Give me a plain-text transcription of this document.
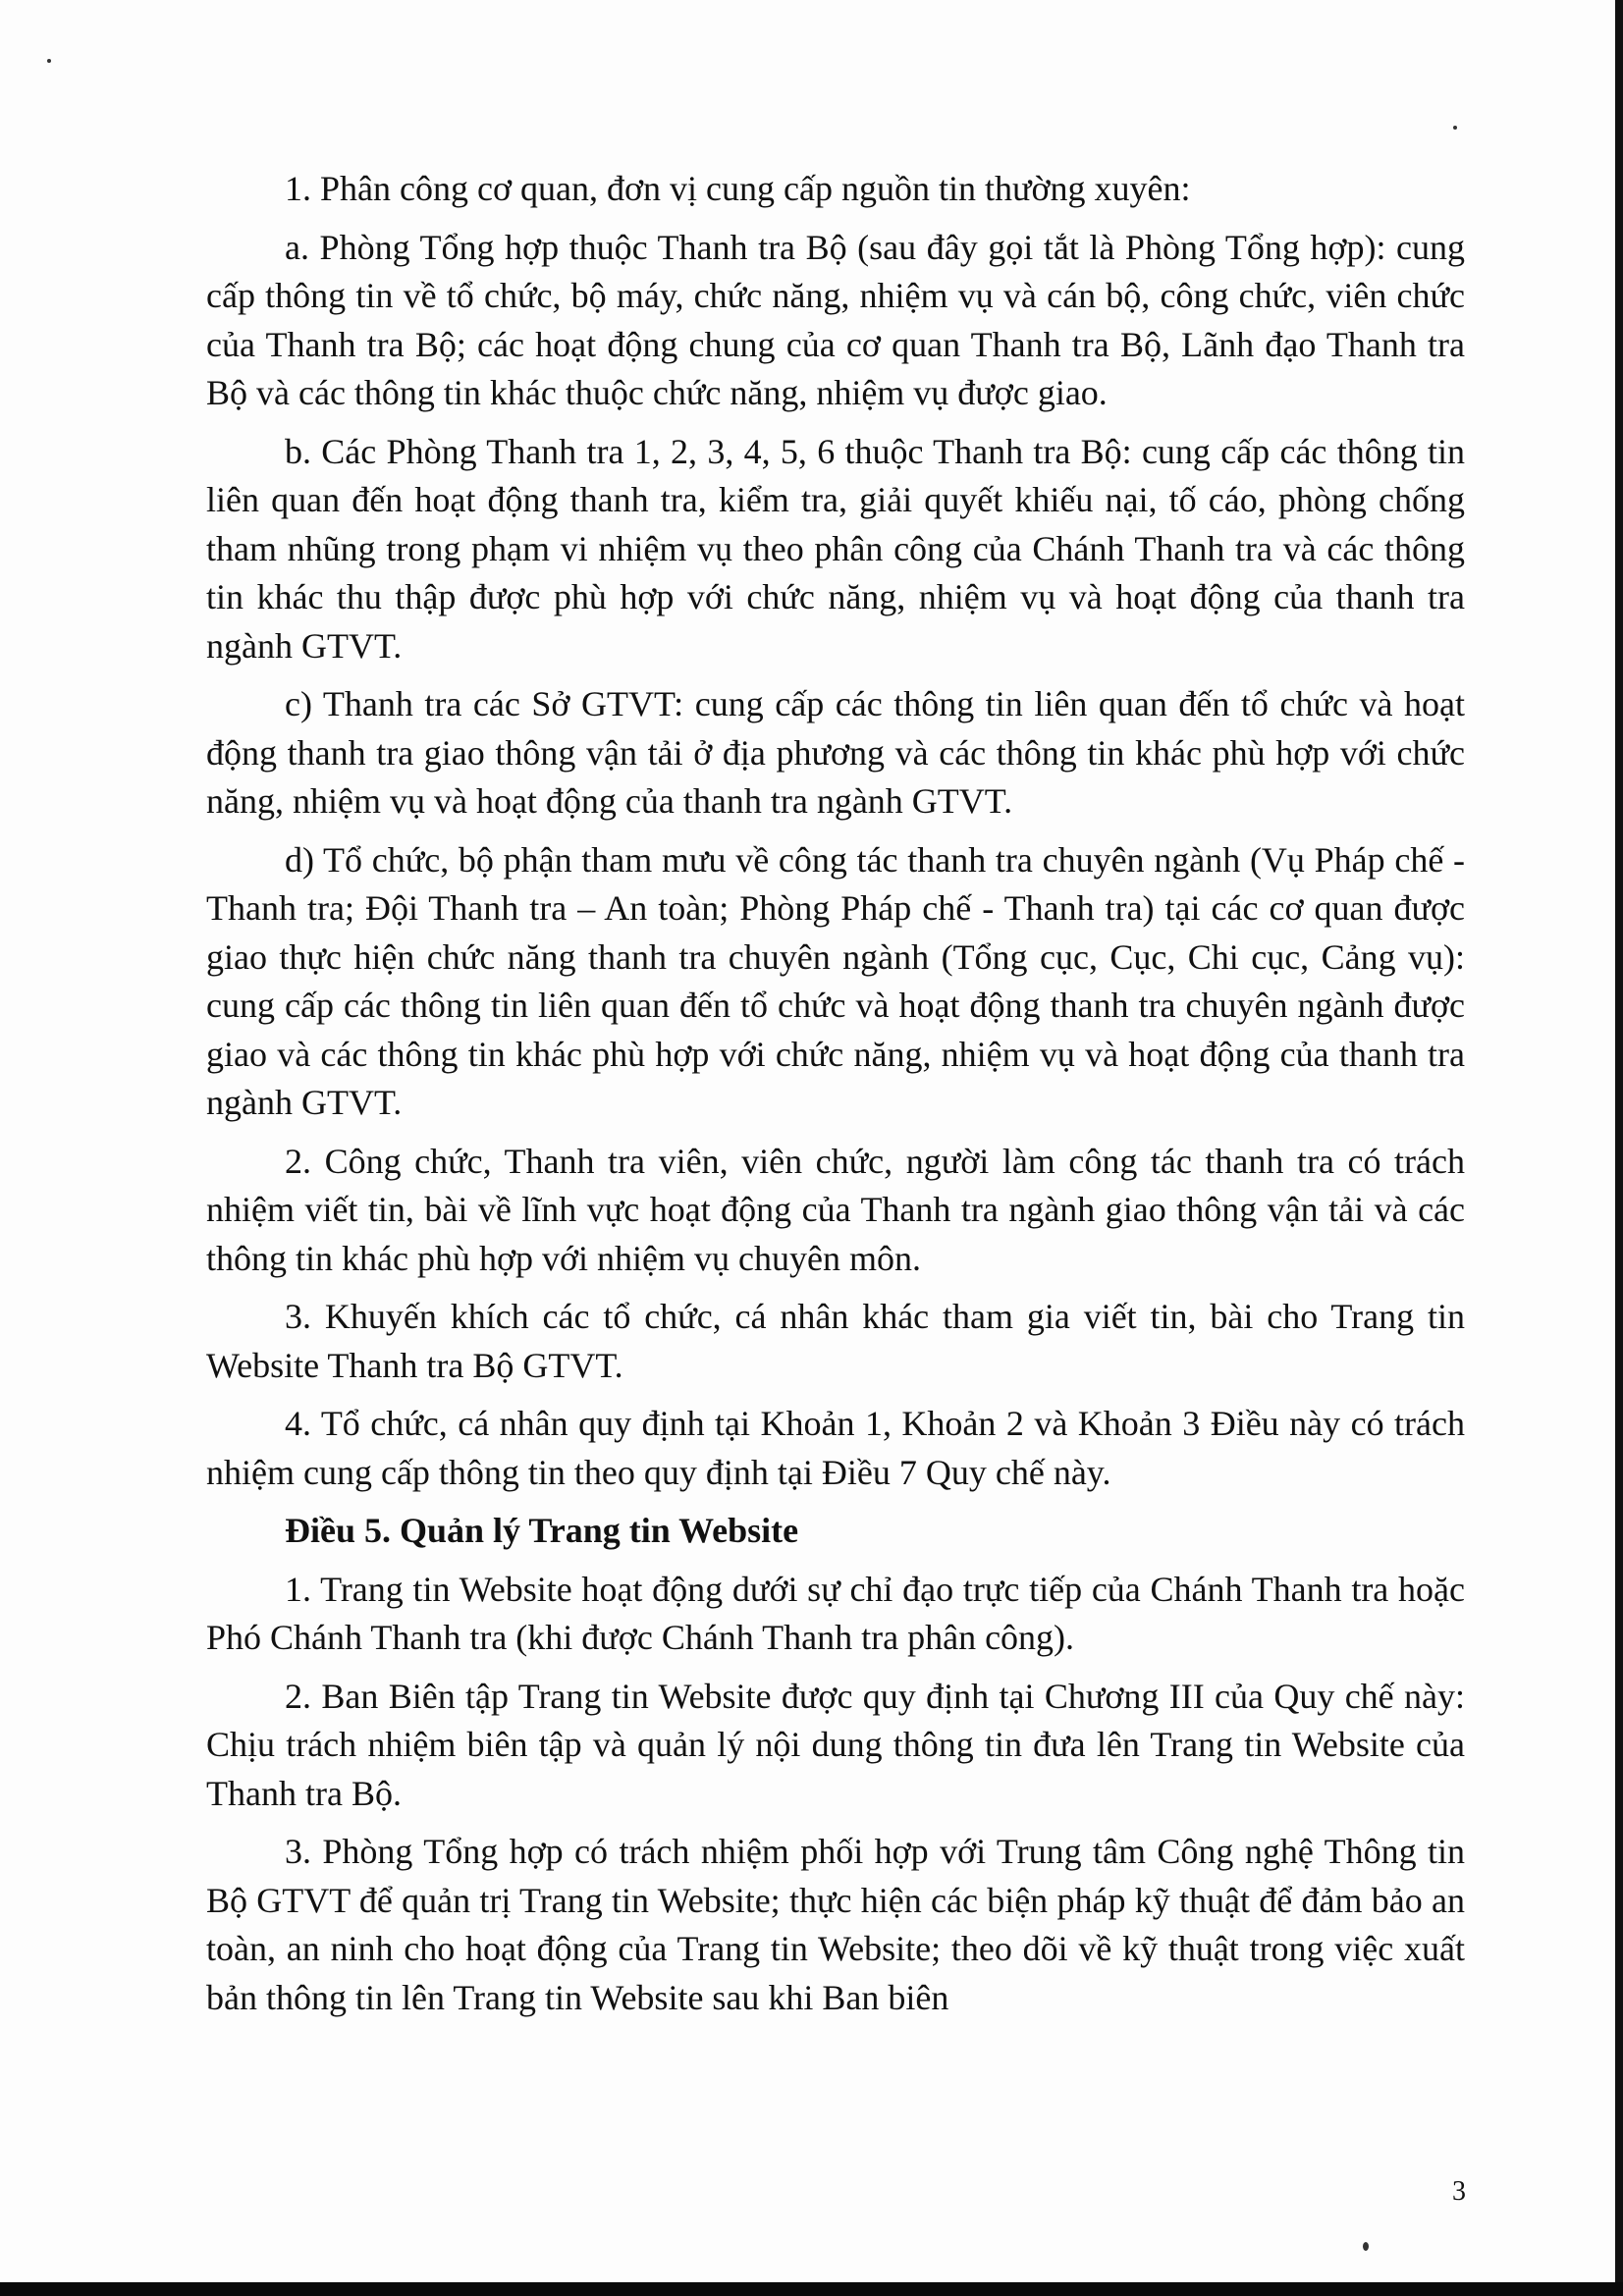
1. Phân công cơ quan, đơn vị cung cấp nguồn tin thường xuyên:

a. Phòng Tổng hợp thuộc Thanh tra Bộ (sau đây gọi tắt là Phòng Tổng hợp): cung cấp thông tin về tổ chức, bộ máy, chức năng, nhiệm vụ và cán bộ, công chức, viên chức của Thanh tra Bộ; các hoạt động chung của cơ quan Thanh tra Bộ, Lãnh đạo Thanh tra Bộ và các thông tin khác thuộc chức năng, nhiệm vụ được giao.

b. Các Phòng Thanh tra 1, 2, 3, 4, 5, 6 thuộc Thanh tra Bộ: cung cấp các thông tin liên quan đến hoạt động thanh tra, kiểm tra, giải quyết khiếu nại, tố cáo, phòng chống tham nhũng trong phạm vi nhiệm vụ theo phân công của Chánh Thanh tra và các thông tin khác thu thập được phù hợp với chức năng, nhiệm vụ và hoạt động của thanh tra ngành GTVT.

c) Thanh tra các Sở GTVT: cung cấp các thông tin liên quan đến tổ chức và hoạt động thanh tra giao thông vận tải ở địa phương và các thông tin khác phù hợp với chức năng, nhiệm vụ và hoạt động của thanh tra ngành GTVT.

d) Tổ chức, bộ phận tham mưu về công tác thanh tra chuyên ngành (Vụ Pháp chế - Thanh tra; Đội Thanh tra – An toàn; Phòng Pháp chế - Thanh tra) tại các cơ quan được giao thực hiện chức năng thanh tra chuyên ngành (Tổng cục, Cục, Chi cục, Cảng vụ): cung cấp các thông tin liên quan đến tổ chức và hoạt động thanh tra chuyên ngành được giao và các thông tin khác phù hợp với chức năng, nhiệm vụ và hoạt động của thanh tra ngành GTVT.

2. Công chức, Thanh tra viên, viên chức, người làm công tác thanh tra có trách nhiệm viết tin, bài về lĩnh vực hoạt động của Thanh tra ngành giao thông vận tải và các thông tin khác phù hợp với nhiệm vụ chuyên môn.

3. Khuyến khích các tổ chức, cá nhân khác tham gia viết tin, bài cho Trang tin Website Thanh tra Bộ GTVT.

4. Tổ chức, cá nhân quy định tại Khoản 1, Khoản 2 và Khoản 3 Điều này có trách nhiệm cung cấp thông tin theo quy định tại Điều 7 Quy chế này.

Điều 5. Quản lý Trang tin Website

1. Trang tin Website hoạt động dưới sự chỉ đạo trực tiếp của Chánh Thanh tra hoặc Phó Chánh Thanh tra (khi được Chánh Thanh tra phân công).

2. Ban Biên tập Trang tin Website được quy định tại Chương III của Quy chế này: Chịu trách nhiệm biên tập và quản lý nội dung thông tin đưa lên Trang tin Website của Thanh tra Bộ.

3. Phòng Tổng hợp có trách nhiệm phối hợp với Trung tâm Công nghệ Thông tin Bộ GTVT để quản trị Trang tin Website; thực hiện các biện pháp kỹ thuật để đảm bảo an toàn, an ninh cho hoạt động của Trang tin Website; theo dõi về kỹ thuật trong việc xuất bản thông tin lên Trang tin Website sau khi Ban biên

3
